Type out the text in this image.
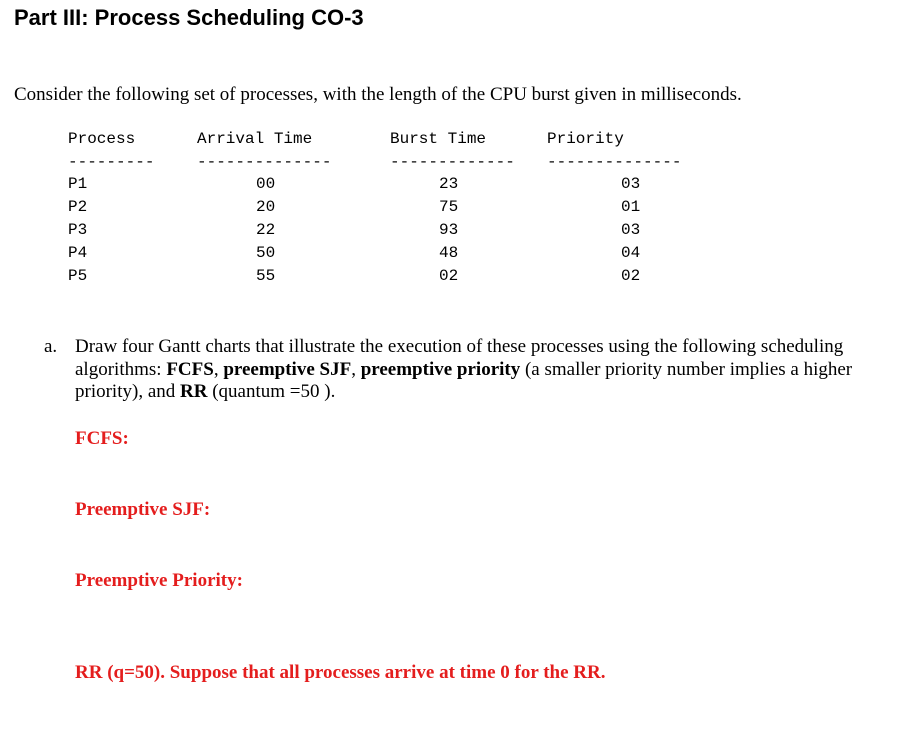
Part III: Process Scheduling CO-3
Consider the following set of processes, with the length of the CPU burst given in milliseconds.
Process	Arrival Time	Burst Time	Priority
---------	--------------	------------- --------------
P1	00	23	03
P2	20	75	01
P3	22	93	03
P4	50	48	04
P5	55	02	02
a. Draw four Gantt charts that illustrate the execution of these processes using the following scheduling algorithms: FCFS, preemptive SJF, preemptive priority (a smaller priority number implies a higher priority), and RR (quantum =50 ).
FCFS:
Preemptive SJF:
Preemptive Priority:
RR (q=50). Suppose that all processes arrive at time 0 for the RR.
